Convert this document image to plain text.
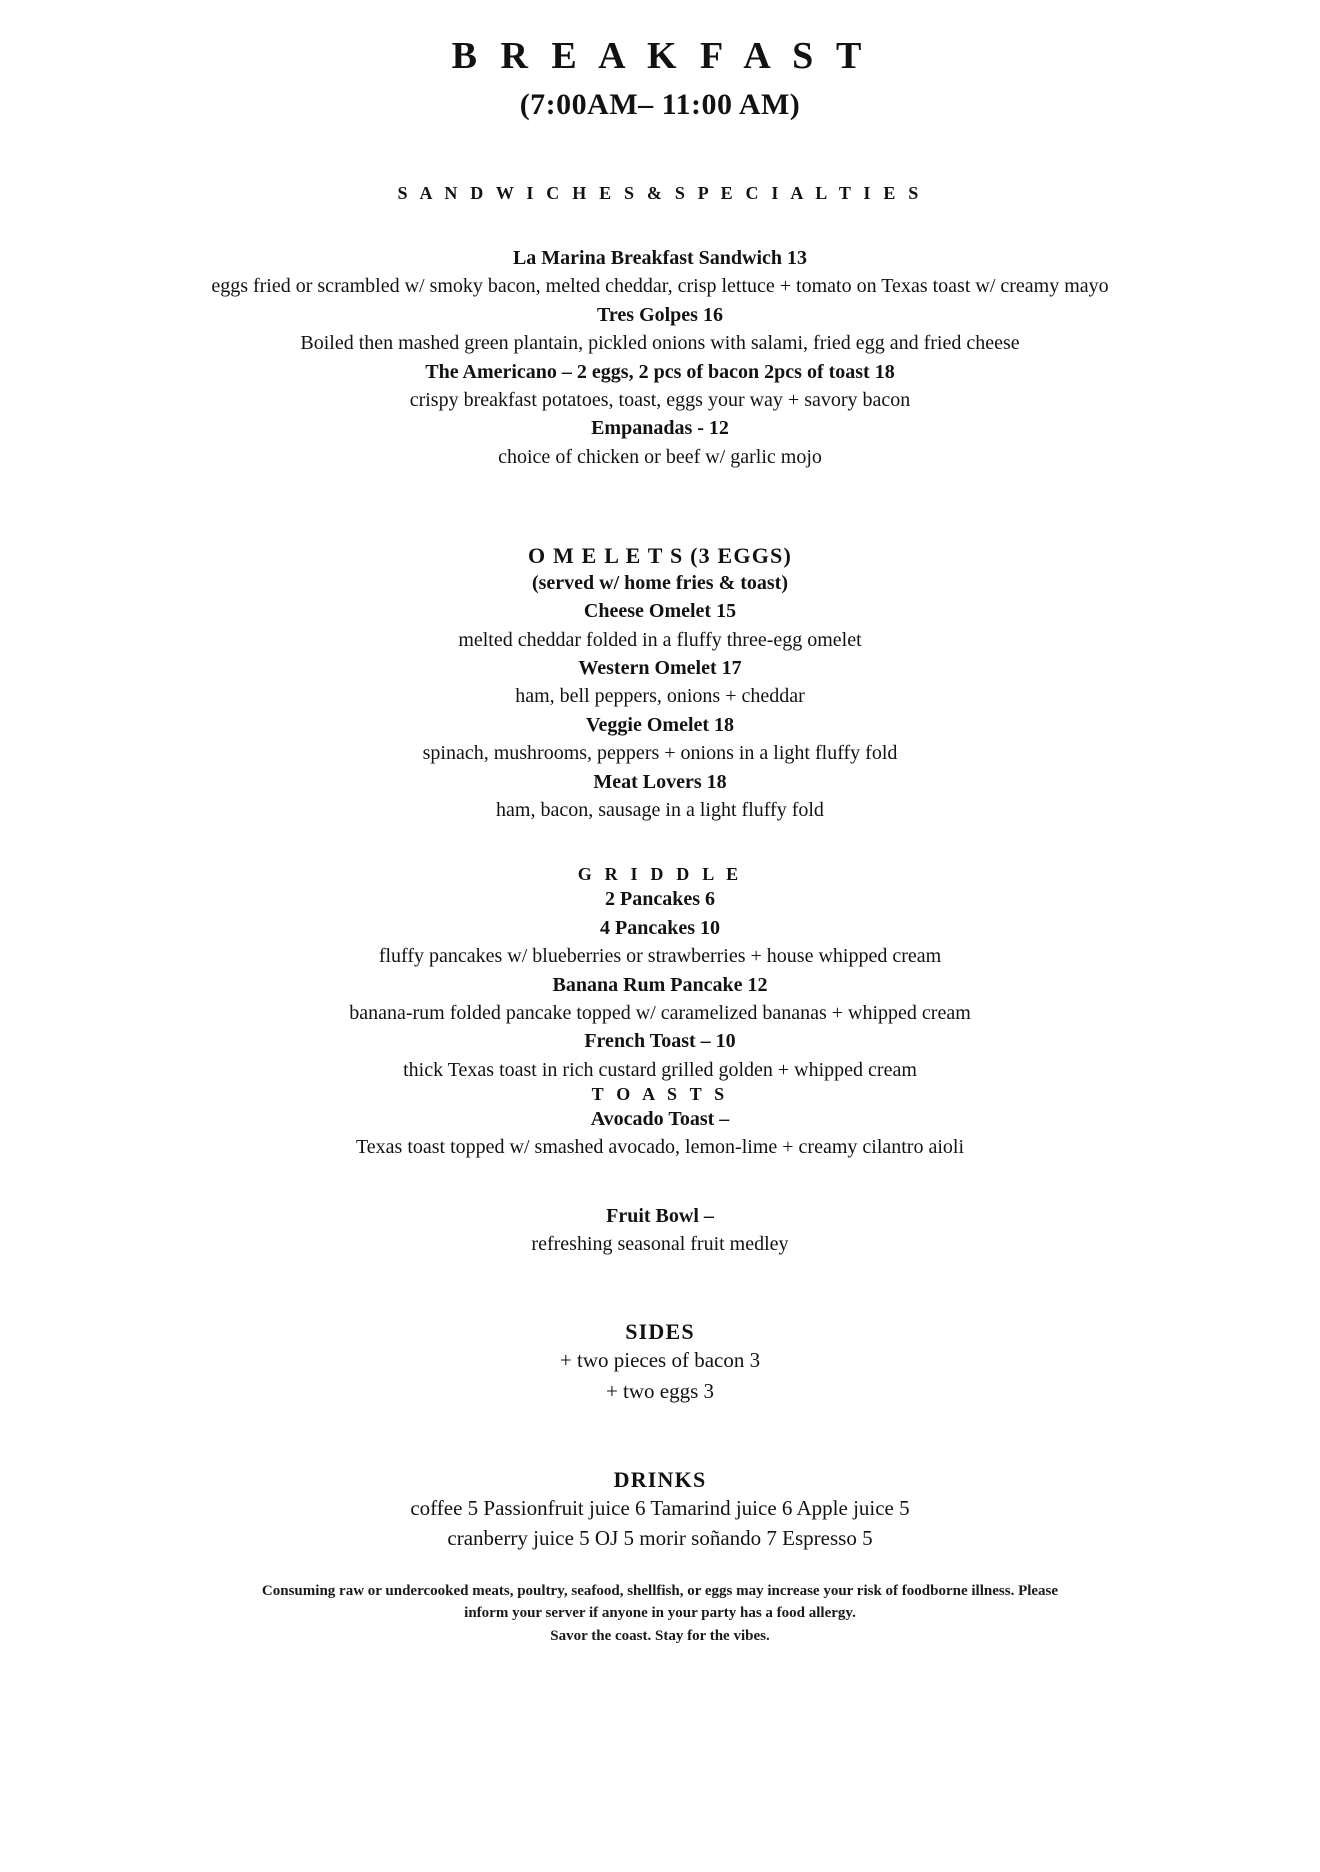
B R E A K F A S T
(7:00AM– 11:00 AM)

S A N D W I C H E S & S P E C I A L T I E S

La Marina Breakfast Sandwich 13

eggs fried or scrambled w/ smoky bacon, melted cheddar, crisp lettuce + tomato on Texas toast w/ creamy mayo

Tres Golpes 16

Boiled then mashed green plantain, pickled onions with salami, fried egg and fried cheese

The Americano – 2 eggs, 2 pcs of bacon 2pcs of toast 18

crispy breakfast potatoes, toast, eggs your way + savory bacon

Empanadas - 12

choice of chicken or beef w/ garlic mojo

O M E L E T S (3 EGGS)

(served w/ home fries & toast)

Cheese Omelet 15

melted cheddar folded in a fluffy three-egg omelet

Western Omelet 17

ham, bell peppers, onions + cheddar

Veggie Omelet 18

spinach, mushrooms, peppers + onions in a light fluffy fold

Meat Lovers 18

ham, bacon, sausage in a light fluffy fold

G R I D D L E

2 Pancakes 6

4 Pancakes 10

fluffy pancakes w/ blueberries or strawberries + house whipped cream

Banana Rum Pancake 12

banana-rum folded pancake topped w/ caramelized bananas + whipped cream

French Toast – 10

thick Texas toast in rich custard grilled golden + whipped cream

T O A S T S

Avocado Toast –

Texas toast topped w/ smashed avocado, lemon-lime + creamy cilantro aioli

Fruit Bowl –

refreshing seasonal fruit medley

SIDES

+ two pieces of bacon 3

+ two eggs 3

DRINKS

coffee 5 Passionfruit juice 6 Tamarind juice 6 Apple juice 5

cranberry juice 5 OJ 5 morir soñando 7 Espresso 5

Consuming raw or undercooked meats, poultry, seafood, shellfish, or eggs may increase your risk of foodborne illness. Please

inform your server if anyone in your party has a food allergy.

Savor the coast. Stay for the vibes.
